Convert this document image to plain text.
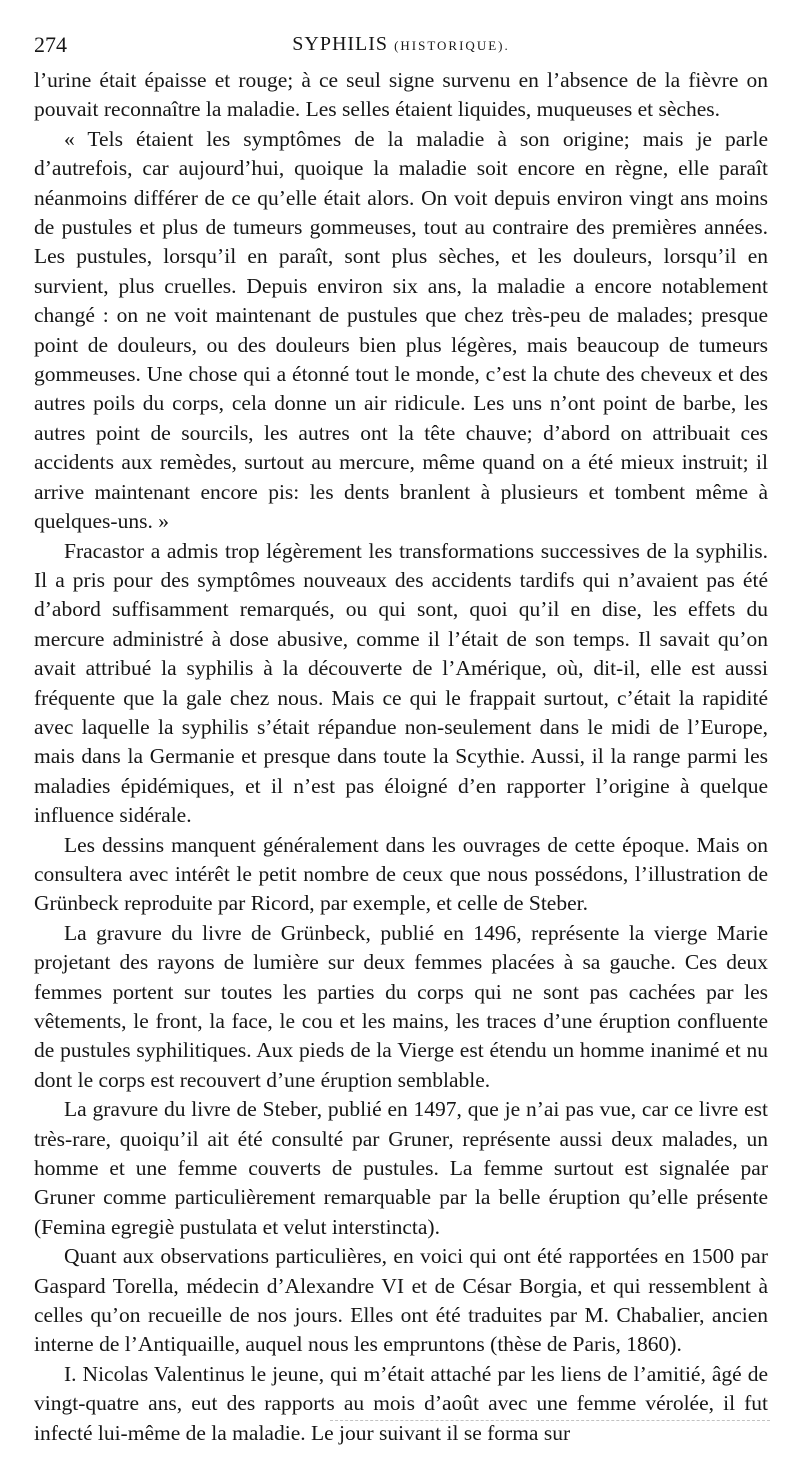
274	SYPHILIS (HISTORIQUE).

l’urine était épaisse et rouge; à ce seul signe survenu en l’absence de la fièvre on pouvait reconnaître la maladie. Les selles étaient liquides, muqueuses et sèches.

« Tels étaient les symptômes de la maladie à son origine; mais je parle d’autrefois, car aujourd’hui, quoique la maladie soit encore en règne, elle paraît néanmoins différer de ce qu’elle était alors. On voit depuis environ vingt ans moins de pustules et plus de tumeurs gommeuses, tout au contraire des premières années. Les pustules, lorsqu’il en paraît, sont plus sèches, et les douleurs, lorsqu’il en survient, plus cruelles. Depuis environ six ans, la maladie a encore notablement changé : on ne voit maintenant de pustules que chez très-peu de malades; presque point de douleurs, ou des douleurs bien plus légères, mais beaucoup de tumeurs gommeuses. Une chose qui a étonné tout le monde, c’est la chute des cheveux et des autres poils du corps, cela donne un air ridicule. Les uns n’ont point de barbe, les autres point de sourcils, les autres ont la tête chauve; d’abord on attribuait ces accidents aux remèdes, surtout au mercure, même quand on a été mieux instruit; il arrive maintenant encore pis: les dents branlent à plusieurs et tombent même à quelques-uns. »

Fracastor a admis trop légèrement les transformations successives de la syphilis. Il a pris pour des symptômes nouveaux des accidents tardifs qui n’avaient pas été d’abord suffisamment remarqués, ou qui sont, quoi qu’il en dise, les effets du mercure administré à dose abusive, comme il l’était de son temps. Il savait qu’on avait attribué la syphilis à la découverte de l’Amérique, où, dit-il, elle est aussi fréquente que la gale chez nous. Mais ce qui le frappait surtout, c’était la rapidité avec laquelle la syphilis s’était répandue non-seulement dans le midi de l’Europe, mais dans la Germanie et presque dans toute la Scythie. Aussi, il la range parmi les maladies épidémiques, et il n’est pas éloigné d’en rapporter l’origine à quelque influence sidérale.

Les dessins manquent généralement dans les ouvrages de cette époque. Mais on consultera avec intérêt le petit nombre de ceux que nous possédons, l’illustration de Grünbeck reproduite par Ricord, par exemple, et celle de Steber.

La gravure du livre de Grünbeck, publié en 1496, représente la vierge Marie projetant des rayons de lumière sur deux femmes placées à sa gauche. Ces deux femmes portent sur toutes les parties du corps qui ne sont pas cachées par les vêtements, le front, la face, le cou et les mains, les traces d’une éruption confluente de pustules syphilitiques. Aux pieds de la Vierge est étendu un homme inanimé et nu dont le corps est recouvert d’une éruption semblable.

La gravure du livre de Steber, publié en 1497, que je n’ai pas vue, car ce livre est très-rare, quoiqu’il ait été consulté par Gruner, représente aussi deux malades, un homme et une femme couverts de pustules. La femme surtout est signalée par Gruner comme particulièrement remarquable par la belle éruption qu’elle présente (Femina egregiè pustulata et velut interstincta).

Quant aux observations particulières, en voici qui ont été rapportées en 1500 par Gaspard Torella, médecin d’Alexandre VI et de César Borgia, et qui ressemblent à celles qu’on recueille de nos jours. Elles ont été traduites par M. Chabalier, ancien interne de l’Antiquaille, auquel nous les empruntons (thèse de Paris, 1860).

I. Nicolas Valentinus le jeune, qui m’était attaché par les liens de l’amitié, âgé de vingt-quatre ans, eut des rapports au mois d’août avec une femme vérolée, il fut infecté lui-même de la maladie. Le jour suivant il se forma sur
